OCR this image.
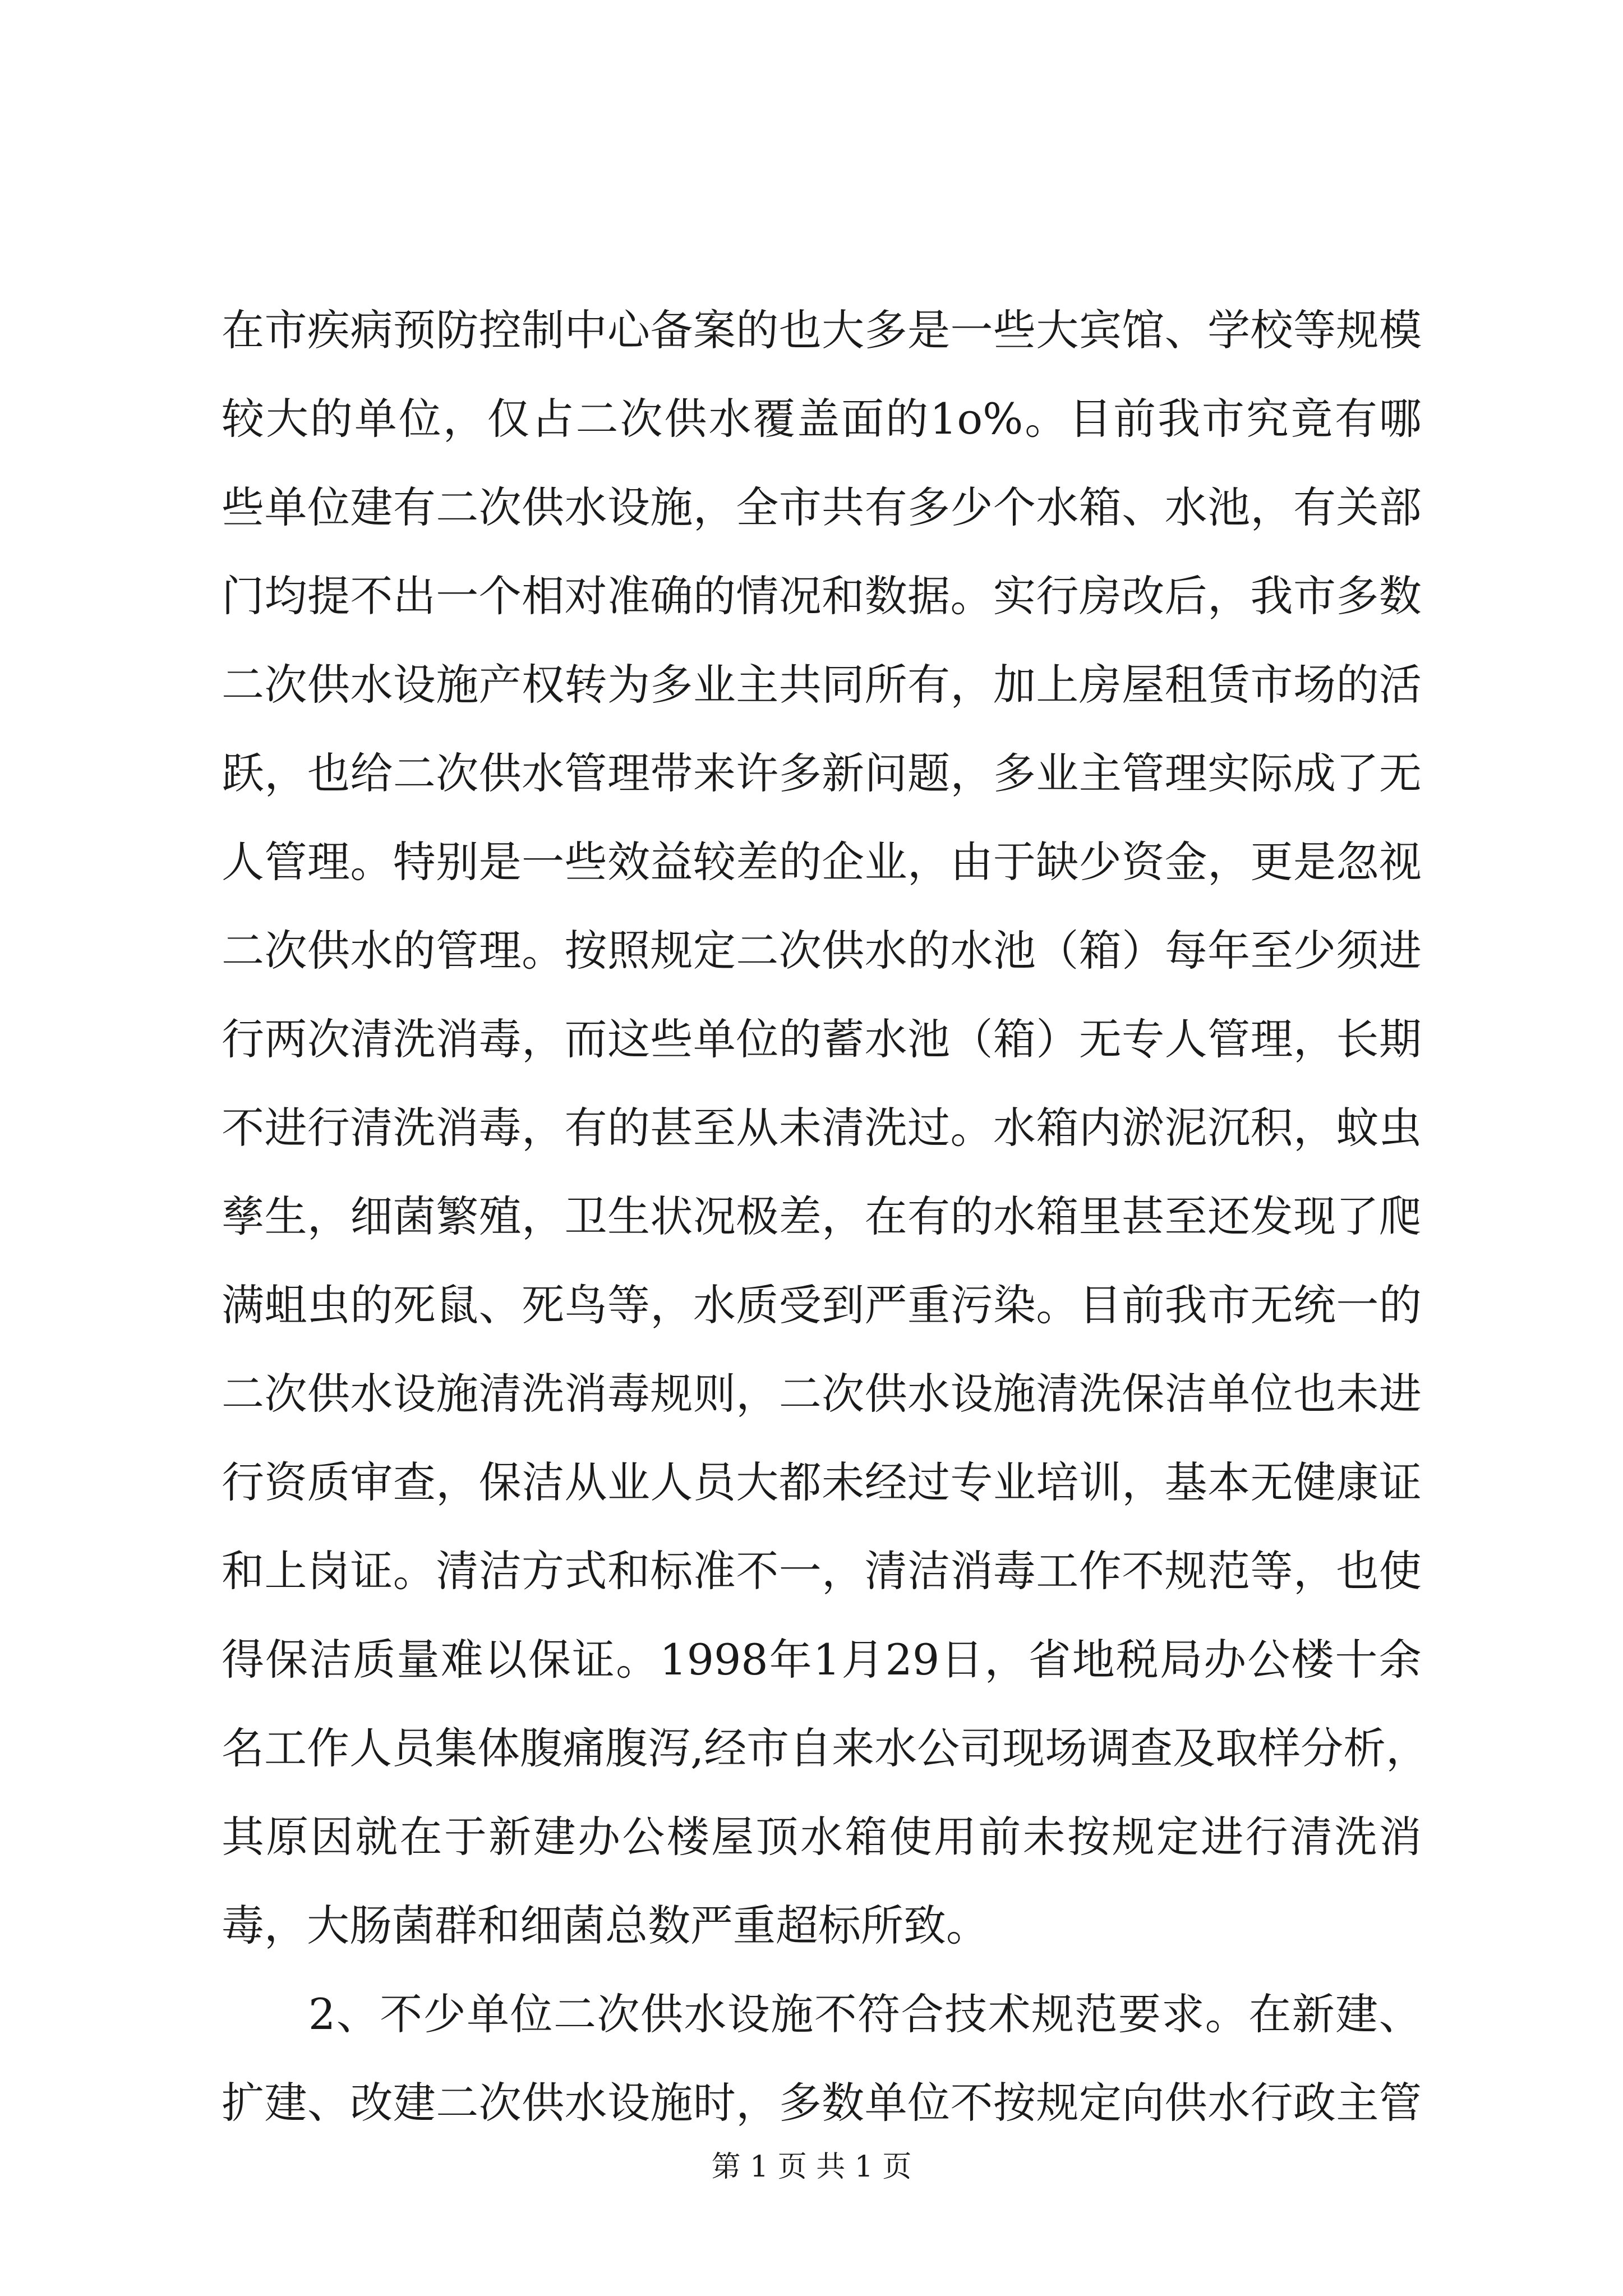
在 市 疾 病 预 防 控 制 中 心 备 案 的 也 大 多 是 一 些 大 宾 馆 、 学 校 等 规 模
较 大 的 单 位 ， 仅 占 二 次 供 水 覆 盖 面 的 1o% 。 目 前 我 市 究 竟 有 哪
些 单 位 建 有 二 次 供 水 设 施 ， 全 市 共 有 多 少 个 水 箱 、 水 池 ， 有 关 部
门 均 提 不 出 一 个 相 对 准 确 的 情 况 和 数 据 。 实 行 房 改 后 ， 我 市 多 数
二 次 供 水 设 施 产 权 转 为 多 业 主 共 同 所 有 ， 加 上 房 屋 租 赁 市 场 的 活
跃 ， 也 给 二 次 供 水 管 理 带 来 许 多 新 问 题 ， 多 业 主 管 理 实 际 成 了 无
人 管 理 。 特 别 是 一 些 效 益 较 差 的 企 业 ， 由 于 缺 少 资 金 ， 更 是 忽 视
二 次 供 水 的 管 理 。 按 照 规 定 二 次 供 水 的 水 池 （ 箱 ） 每 年 至 少 须 进
行 两 次 清 洗 消 毒 ， 而 这 些 单 位 的 蓄 水 池 （ 箱 ） 无 专 人 管 理 ， 长 期
不 进 行 清 洗 消 毒 ， 有 的 甚 至 从 未 清 洗 过 。 水 箱 内 淤 泥 沉 积 ， 蚊 虫
孳 生 ， 细 菌 繁 殖 ， 卫 生 状 况 极 差 ， 在 有 的 水 箱 里 甚 至 还 发 现 了 爬
满 蛆 虫 的 死 鼠 、 死 鸟 等 ， 水 质 受 到 严 重 污 染 。 目 前 我 市 无 统 一 的
二 次 供 水 设 施 清 洗 消 毒 规 则 ， 二 次 供 水 设 施 清 洗 保 洁 单 位 也 未 进
行 资 质 审 查 ， 保 洁 从 业 人 员 大 都 未 经 过 专 业 培 训 ， 基 本 无 健 康 证
和 上 岗 证 。 清 洁 方 式 和 标 准 不 一 ， 清 洁 消 毒 工 作 不 规 范 等 ， 也 使
得 保 洁 质 量 难 以 保 证 。 1998 年 1 月 29 日 ， 省 地 税 局 办 公 楼 十 余
名 工 作 人 员 集 体 腹 痛 腹 泻 , 经 市 自 来 水 公 司 现 场 调 查 及 取 样 分 析 ，
其 原 因 就 在 于 新 建 办 公 楼 屋 顶 水 箱 使 用 前 未 按 规 定 进 行 清 洗 消
毒，大肠菌群和细菌总数严重超标所致。

2 、 不 少 单 位 二 次 供 水 设 施 不 符 合 技 术 规 范 要 求 。 在 新 建 、
扩 建 、 改 建 二 次 供 水 设 施 时 ， 多 数 单 位 不 按 规 定 向 供 水 行 政 主 管
第 1 页 共 1 页
